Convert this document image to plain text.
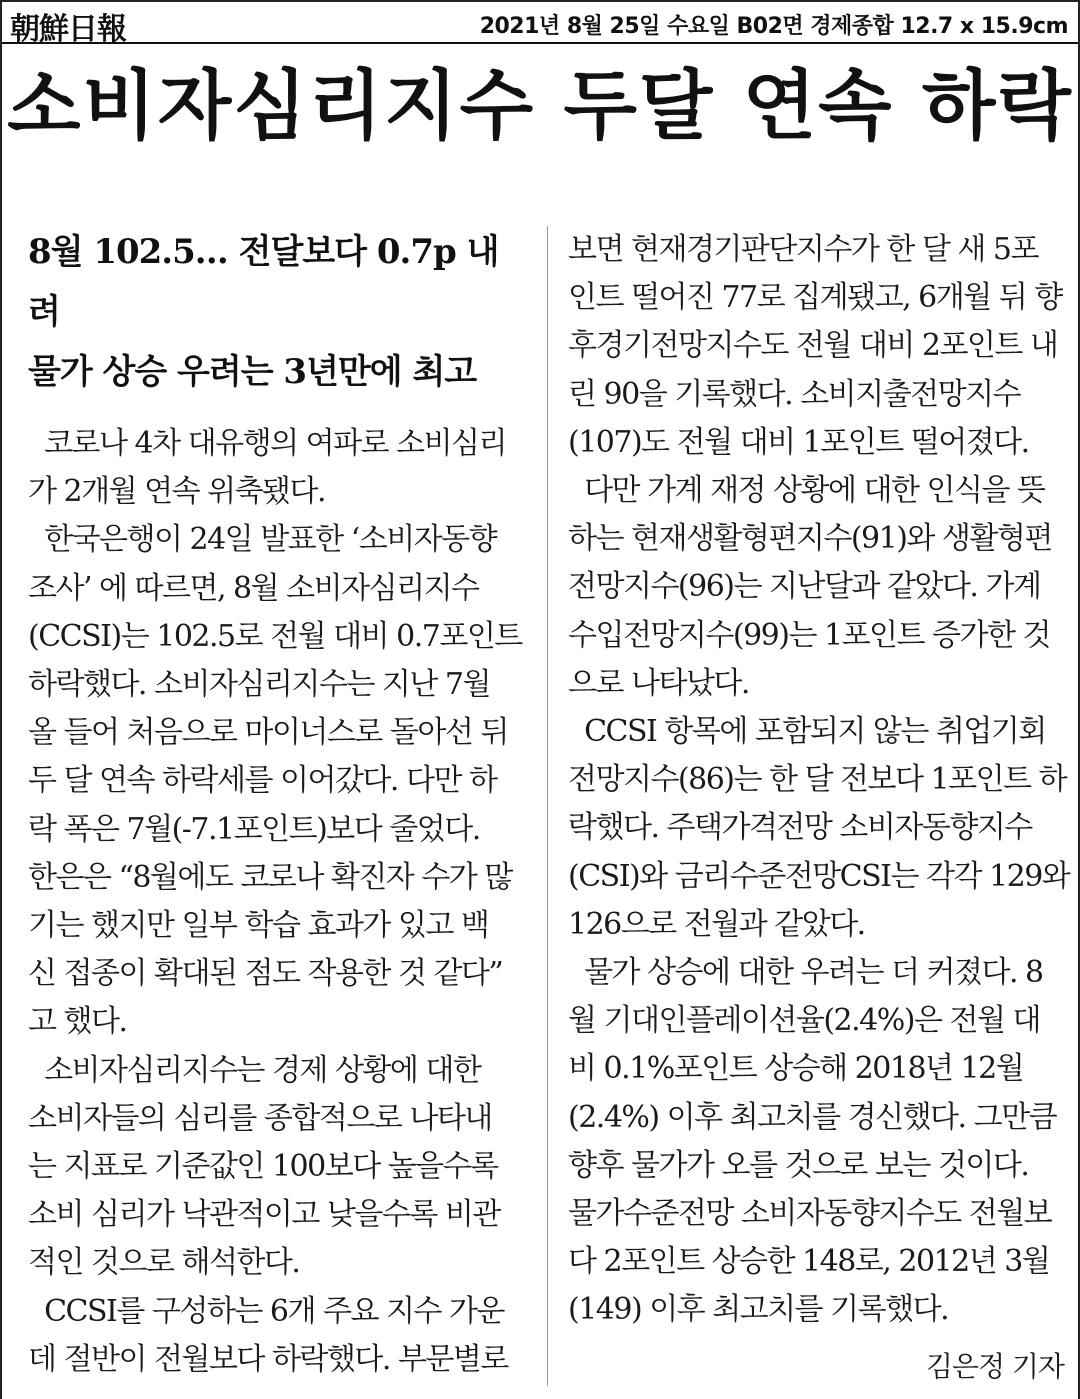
朝鮮日報	2021년 8월 25일 수요일 B02면 경제종합 12.7 x 15.9cm
소비자심리지수 두달 연속 하락

8월 102.5… 전달보다 0.7p 내려

물가 상승 우려는 3년만에 최고

코로나 4차 대유행의 여파로 소비심리
가 2개월 연속 위축됐다.
한국은행이 24일 발표한 ‘소비자동향
조사’ 에 따르면, 8월 소비자심리지수
(CCSI)는 102.5로 전월 대비 0.7포인트
하락했다. 소비자심리지수는 지난 7월
올 들어 처음으로 마이너스로 돌아선 뒤
두 달 연속 하락세를 이어갔다. 다만 하
락 폭은 7월(-7.1포인트)보다 줄었다.
한은은 “8월에도 코로나 확진자 수가 많
기는 했지만 일부 학습 효과가 있고 백
신 접종이 확대된 점도 작용한 것 같다”
고 했다.
소비자심리지수는 경제 상황에 대한
소비자들의 심리를 종합적으로 나타내
는 지표로 기준값인 100보다 높을수록
소비 심리가 낙관적이고 낮을수록 비관
적인 것으로 해석한다.
CCSI를 구성하는 6개 주요 지수 가운
데 절반이 전월보다 하락했다. 부문별로
보면 현재경기판단지수가 한 달 새 5포
인트 떨어진 77로 집계됐고, 6개월 뒤 향
후경기전망지수도 전월 대비 2포인트 내
린 90을 기록했다. 소비지출전망지수
(107)도 전월 대비 1포인트 떨어졌다.
다만 가계 재정 상황에 대한 인식을 뜻
하는 현재생활형편지수(91)와 생활형편
전망지수(96)는 지난달과 같았다. 가계
수입전망지수(99)는 1포인트 증가한 것
으로 나타났다.
CCSI 항목에 포함되지 않는 취업기회
전망지수(86)는 한 달 전보다 1포인트 하
락했다. 주택가격전망 소비자동향지수
(CSI)와 금리수준전망CSI는 각각 129와
126으로 전월과 같았다.
물가 상승에 대한 우려는 더 커졌다. 8
월 기대인플레이션율(2.4%)은 전월 대
비 0.1%포인트 상승해 2018년 12월
(2.4%) 이후 최고치를 경신했다. 그만큼
향후 물가가 오를 것으로 보는 것이다.
물가수준전망 소비자동향지수도 전월보
다 2포인트 상승한 148로, 2012년 3월
(149) 이후 최고치를 기록했다.
김은정 기자
